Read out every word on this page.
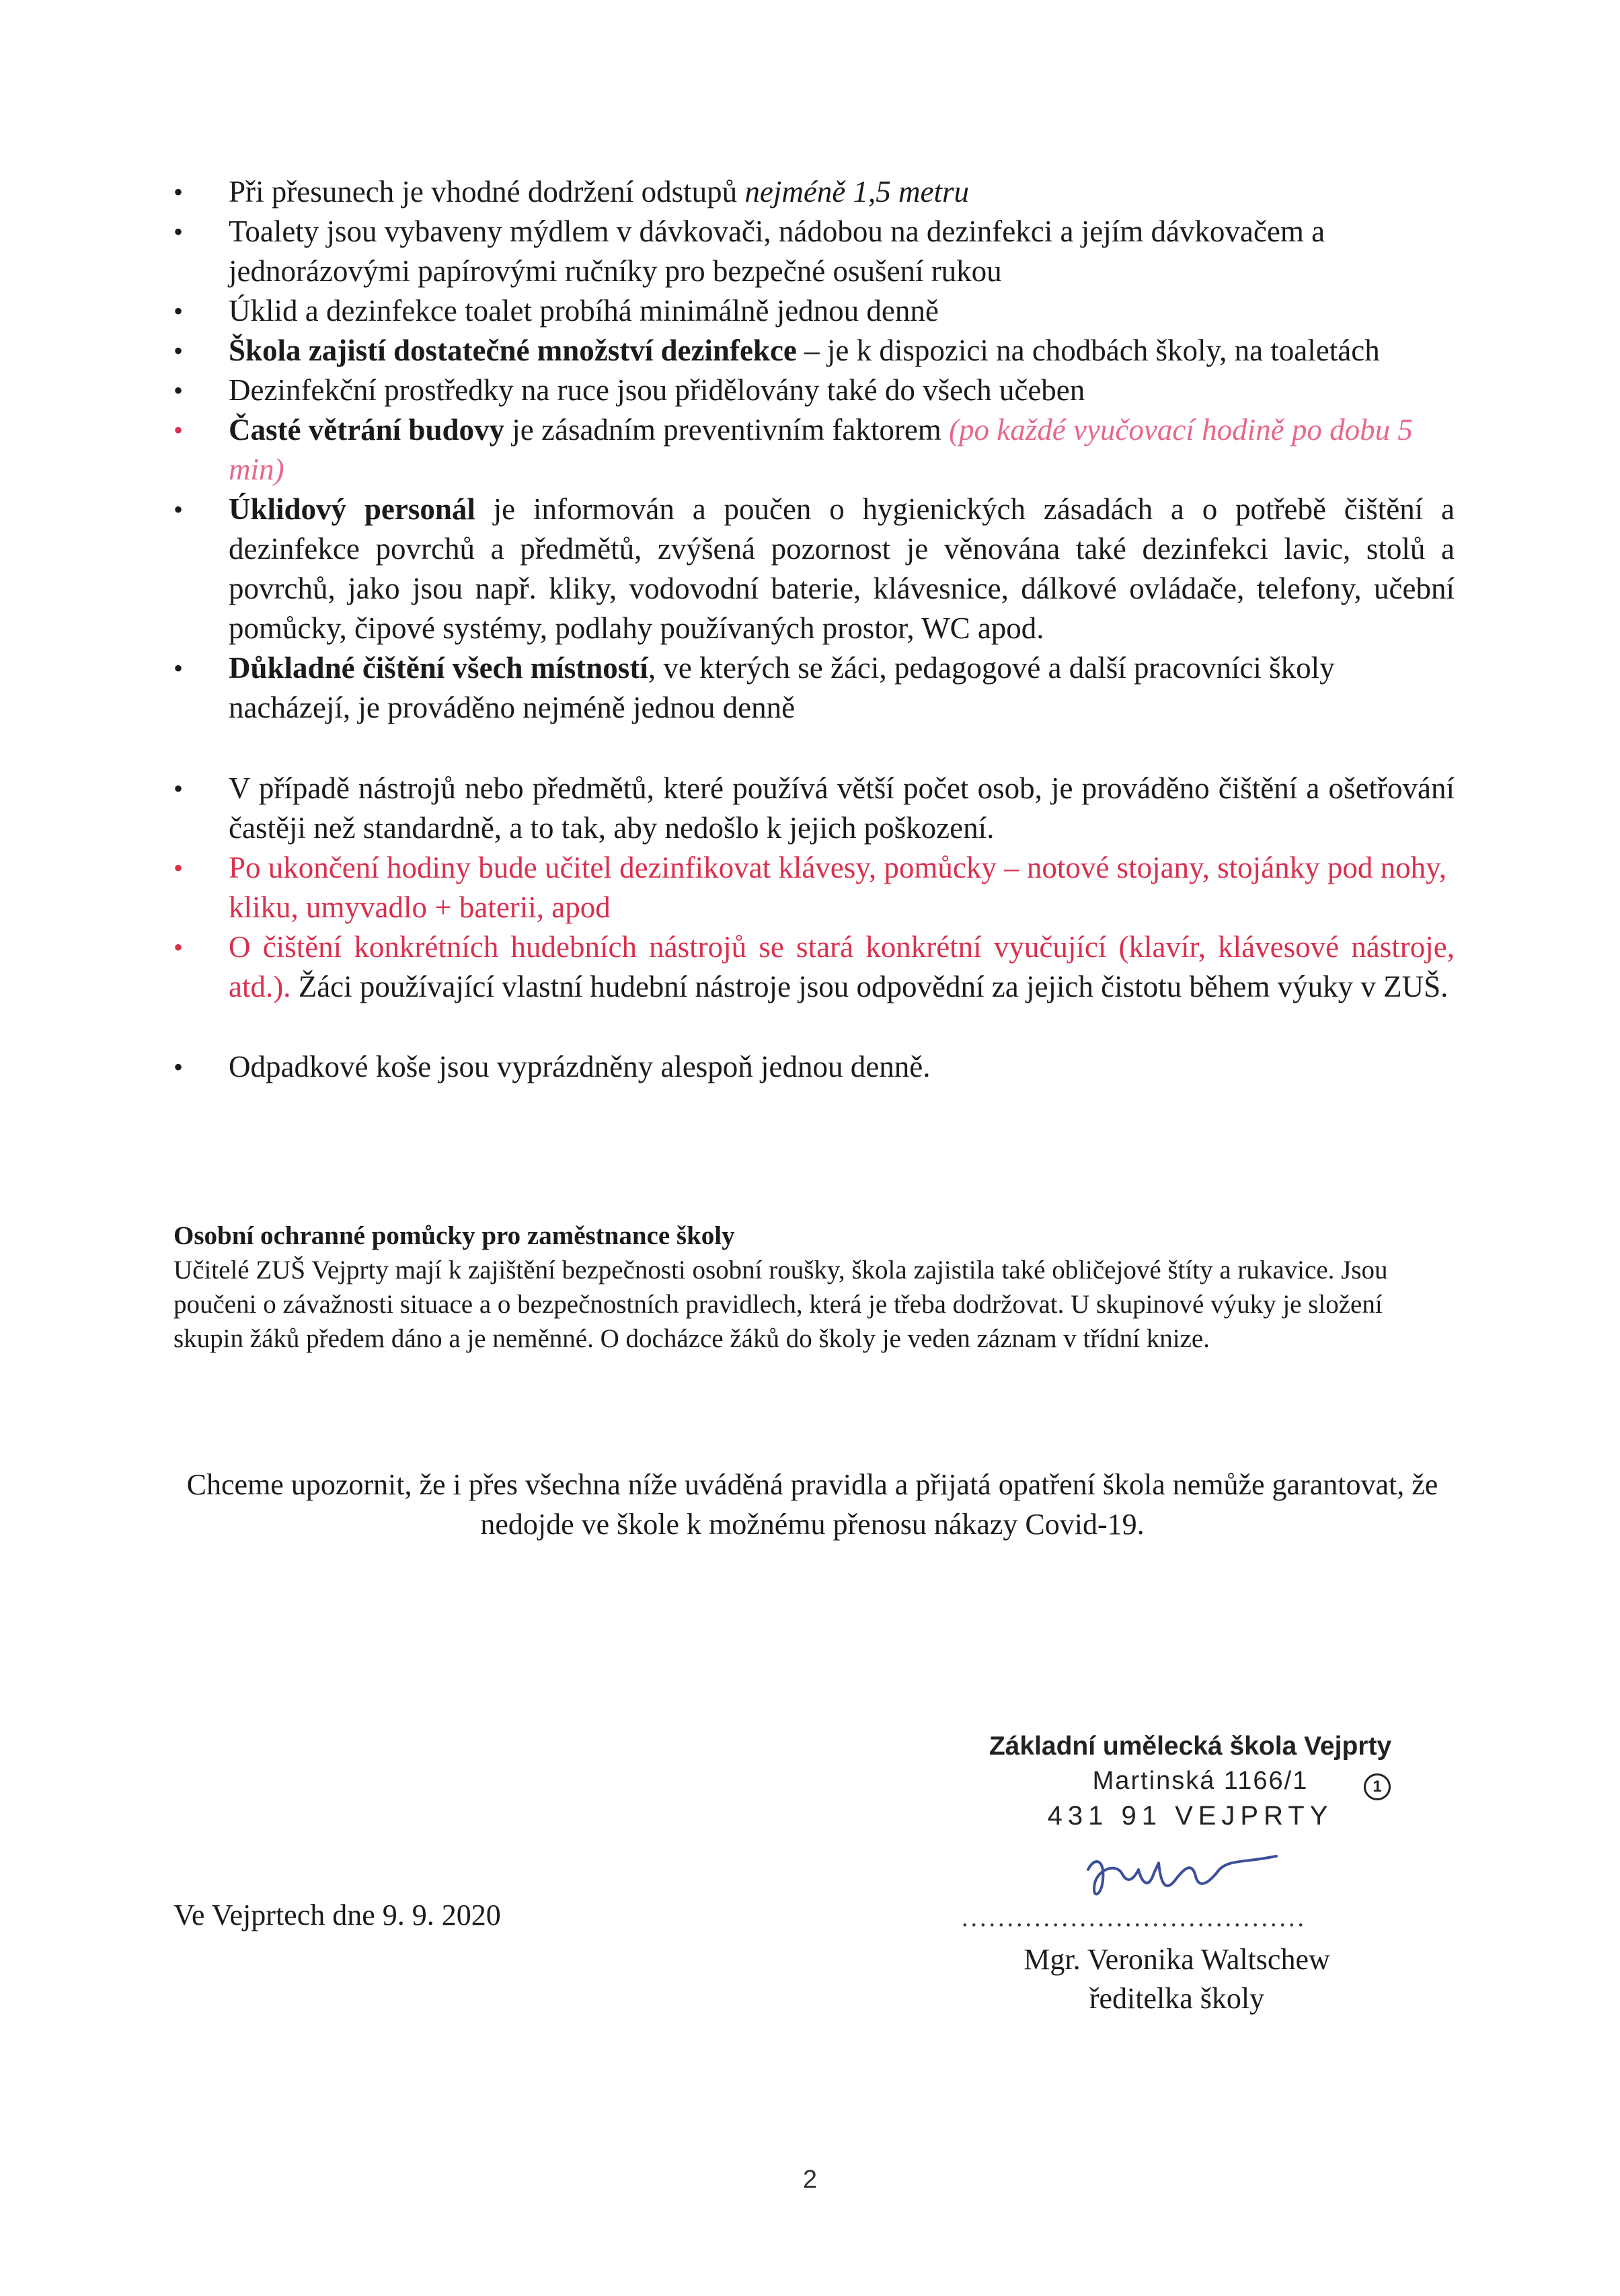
•	Při přesunech je vhodné dodržení odstupů nejméně 1,5 metru
•	Toalety jsou vybaveny mýdlem v dávkovači, nádobou na dezinfekci a jejím dávkovačem a jednorázovými papírovými ručníky pro bezpečné osušení rukou
•	Úklid a dezinfekce toalet probíhá minimálně jednou denně
•	Škola zajistí dostatečné množství dezinfekce – je k dispozici na chodbách školy, na toaletách
•	Dezinfekční prostředky na ruce jsou přidělovány také do všech učeben
•	Časté větrání budovy je zásadním preventivním faktorem (po každé vyučovací hodině po dobu 5 min)
•	Úklidový personál je informován a poučen o hygienických zásadách a o potřebě čištění a dezinfekce povrchů a předmětů, zvýšená pozornost je věnována také dezinfekci lavic, stolů a povrchů, jako jsou např. kliky, vodovodní baterie, klávesnice, dálkové ovládače, telefony, učební pomůcky, čipové systémy, podlahy používaných prostor, WC apod.
•	Důkladné čištění všech místností, ve kterých se žáci, pedagogové a další pracovníci školy nacházejí, je prováděno nejméně jednou denně
•	V případě nástrojů nebo předmětů, které používá větší počet osob, je prováděno čištění a ošetřování častěji než standardně, a to tak, aby nedošlo k jejich poškození.
•	Po ukončení hodiny bude učitel dezinfikovat klávesy, pomůcky – notové stojany, stojánky pod nohy, kliku, umyvadlo + baterii, apod
•	O čištění konkrétních hudebních nástrojů se stará konkrétní vyučující (klavír, klávesové nástroje, atd.). Žáci používající vlastní hudební nástroje jsou odpovědní za jejich čistotu během výuky v ZUŠ.
•	Odpadkové koše jsou vyprázdněny alespoň jednou denně.
Osobní ochranné pomůcky pro zaměstnance školy
Učitelé ZUŠ Vejprty mají k zajištění bezpečnosti osobní roušky, škola zajistila také obličejové štíty a rukavice. Jsou poučeni o závažnosti situace a o bezpečnostních pravidlech, která je třeba dodržovat. U skupinové výuky je složení skupin žáků předem dáno a je neměnné. O docházce žáků do školy je veden záznam v třídní knize.
Chceme upozornit, že i přes všechna níže uváděná pravidla a přijatá opatření škola nemůže garantovat, že nedojde ve škole k možnému přenosu nákazy Covid-19.
Základní umělecká škola Vejprty
Martinská 1166/1
431 91 VEJPRTY
1
Ve Vejprtech dne 9. 9. 2020	......................................
Mgr. Veronika Waltschew
ředitelka školy
2
